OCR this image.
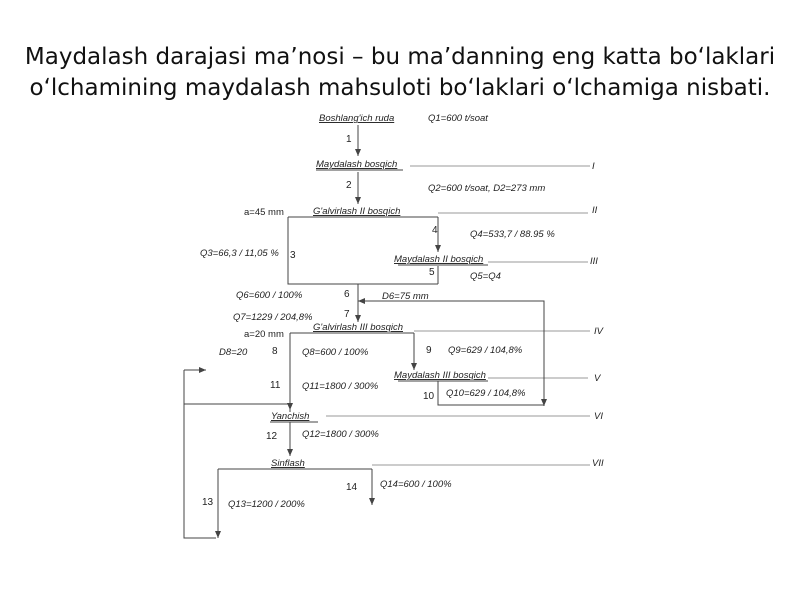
Maydalash darajasi ma’nosi – bu ma’danning eng katta boʻlaklari
oʻlchamining maydalash mahsuloti boʻlaklari oʻlchamiga nisbati.
Boshlang'ich ruda
Maydalash bosqich
G'alvirlash II bosqich
Maydalash II bosqich
G'alvirlash III bosqich
Maydalash III bosqich
Yanchish
Sinflash
I
II
III
IV
V
VI
VII
1
2
3
4
5
6
7
8	9
10
11
12
13
14
Q1=600 t/soat
Q2=600 t/soat, D2=273 mm
a=45 mm
Q4=533,7 / 88.95 %
Q3=66,3 / 11,05 %
Q5=Q4
Q6=600 / 100%	D6=75 mm
Q7=1229 / 204,8%
a=20 mm
D8=20	Q8=600 / 100%	Q9=629 / 104,8%
Q11=1800 / 300%
Q10=629 / 104,8%
Q12=1800 / 300%
Q14=600 / 100%
Q13=1200 / 200%
